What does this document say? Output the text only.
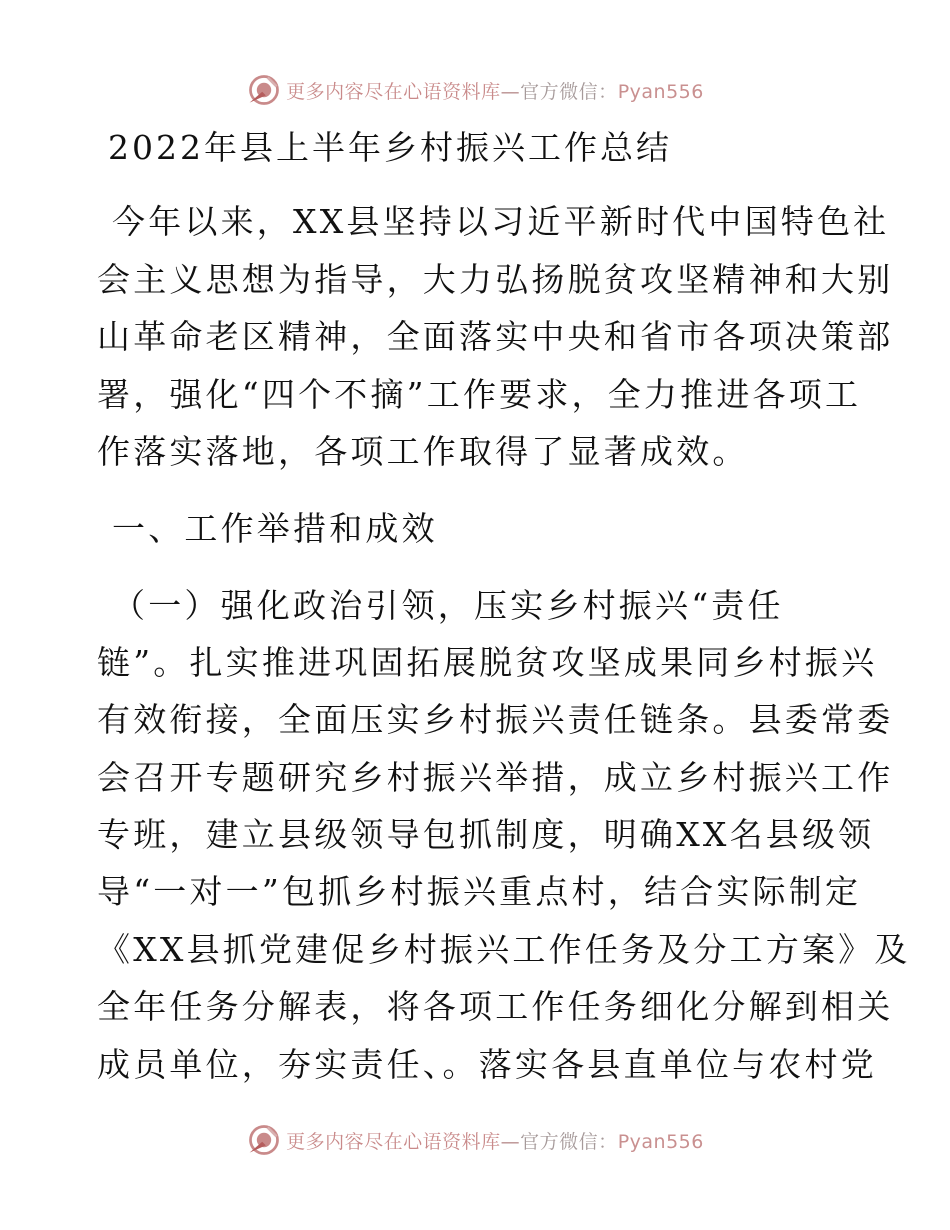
更多内容尽在心语资料库—官方微信：Pyan556
2022年县上半年乡村振兴工作总结
今年以来，XX县坚持以习近平新时代中国特色社
会主义思想为指导，大力弘扬脱贫攻坚精神和大别
山革命老区精神，全面落实中央和省市各项决策部
署，强化“四个不摘”工作要求，全力推进各项工
作落实落地，各项工作取得了显著成效。
一、工作举措和成效
（一）强化政治引领，压实乡村振兴“责任
链”。扎实推进巩固拓展脱贫攻坚成果同乡村振兴
有效衔接，全面压实乡村振兴责任链条。县委常委
会召开专题研究乡村振兴举措，成立乡村振兴工作
专班，建立县级领导包抓制度，明确XX名县级领
导“一对一”包抓乡村振兴重点村，结合实际制定
《XX县抓党建促乡村振兴工作任务及分工方案》及
全年任务分解表，将各项工作任务细化分解到相关
成员单位，夯实责任、。落实各县直单位与农村党
更多内容尽在心语资料库—官方微信：Pyan556
